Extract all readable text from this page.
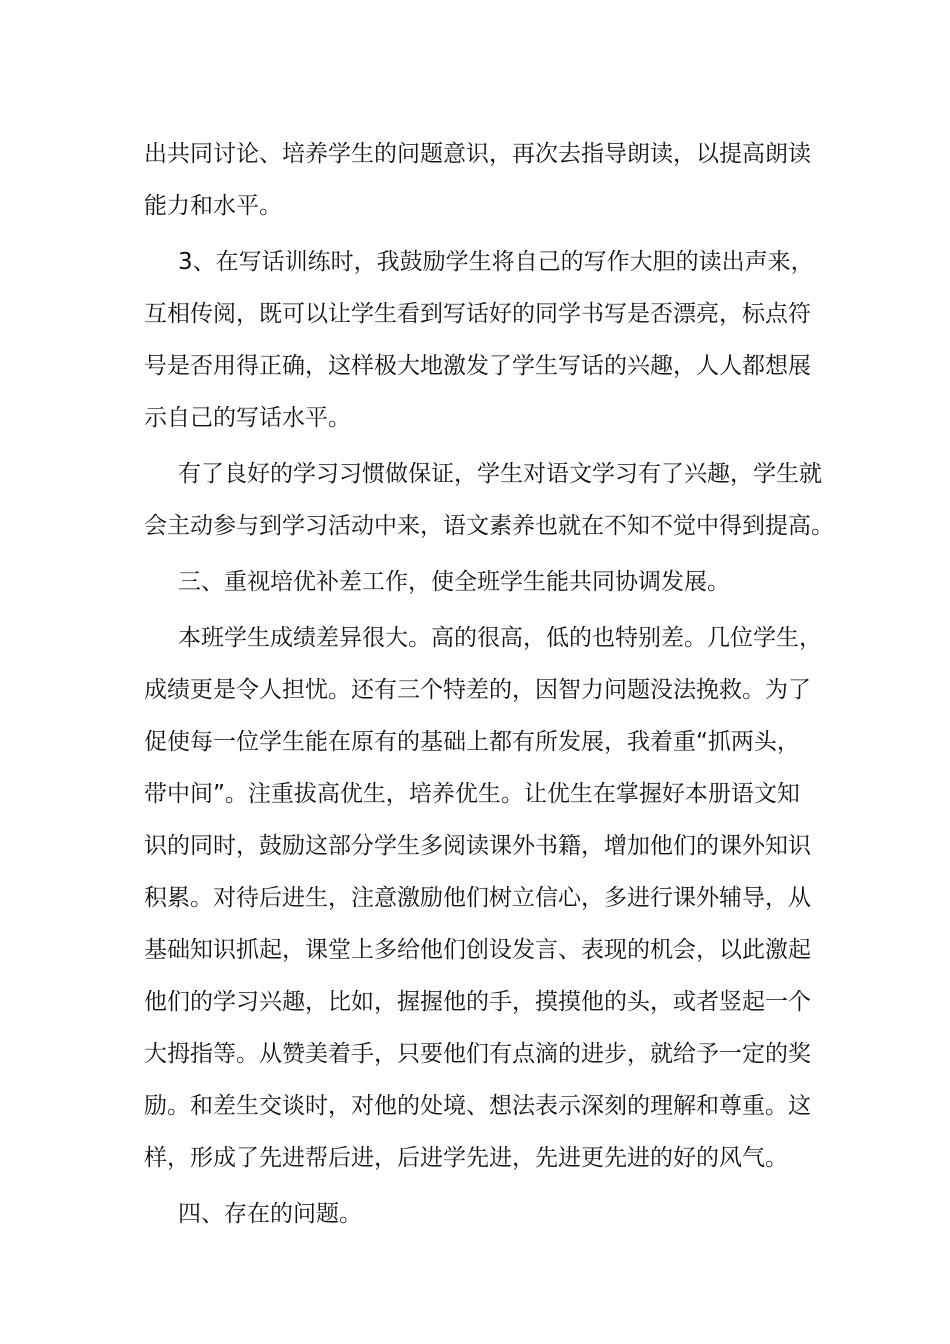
出共同讨论、培养学生的问题意识，再次去指导朗读，以提高朗读
能力和水平。
3、在写话训练时，我鼓励学生将自己的写作大胆的读出声来，
互相传阅，既可以让学生看到写话好的同学书写是否漂亮，标点符
号是否用得正确，这样极大地激发了学生写话的兴趣，人人都想展
示自己的写话水平。
有了良好的学习习惯做保证，学生对语文学习有了兴趣，学生就
会主动参与到学习活动中来，语文素养也就在不知不觉中得到提高。
三、重视培优补差工作，使全班学生能共同协调发展。
本班学生成绩差异很大。高的很高，低的也特别差。几位学生，
成绩更是令人担忧。还有三个特差的，因智力问题没法挽救。为了
促使每一位学生能在原有的基础上都有所发展，我着重“抓两头，
带中间”。注重拔高优生，培养优生。让优生在掌握好本册语文知
识的同时，鼓励这部分学生多阅读课外书籍，增加他们的课外知识
积累。对待后进生，注意激励他们树立信心，多进行课外辅导，从
基础知识抓起，课堂上多给他们创设发言、表现的机会，以此激起
他们的学习兴趣，比如，握握他的手，摸摸他的头，或者竖起一个
大拇指等。从赞美着手，只要他们有点滴的进步，就给予一定的奖
励。和差生交谈时，对他的处境、想法表示深刻的理解和尊重。这
样，形成了先进帮后进，后进学先进，先进更先进的好的风气。
四、存在的问题。
